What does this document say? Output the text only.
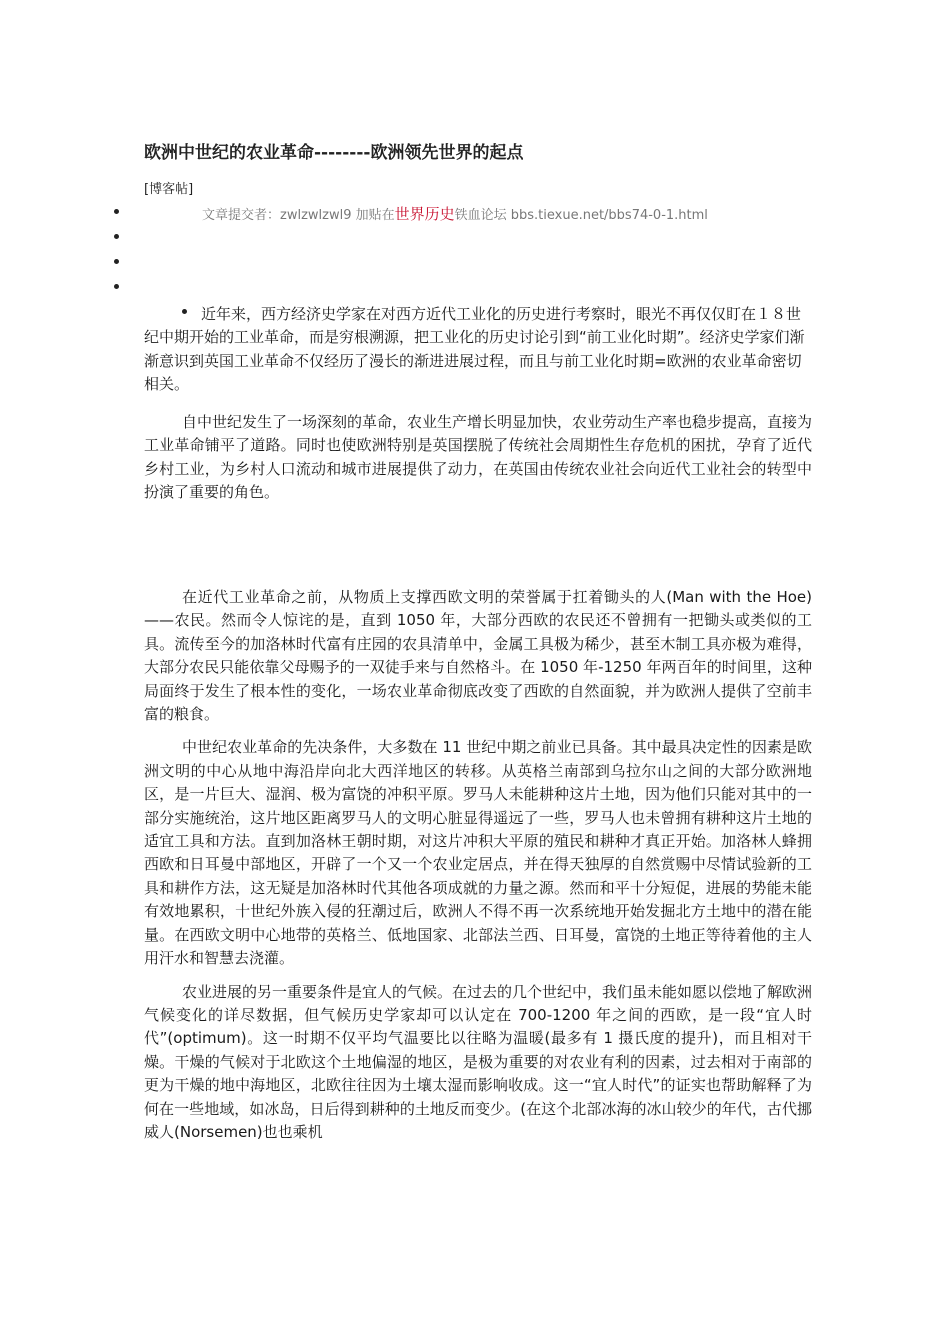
欧洲中世纪的农业革命--------欧洲领先世界的起点
[博客帖]
文章提交者：zwlzwlzwl9 加贴在世界历史铁血论坛 bbs.tiexue.net/bbs74-0-1.html

近年来，西方经济史学家在对西方近代工业化的历史进行考察时，眼光不再仅仅盯在１８世纪中期开始的工业革命，而是穷根溯源，把工业化的历史讨论引到“前工业化时期”。经济史学家们渐渐意识到英国工业革命不仅经历了漫长的渐进进展过程，而且与前工业化时期=欧洲的农业革命密切相关。

自中世纪发生了一场深刻的革命，农业生产增长明显加快，农业劳动生产率也稳步提高，直接为工业革命铺平了道路。同时也使欧洲特别是英国摆脱了传统社会周期性生存危机的困扰，孕育了近代乡村工业，为乡村人口流动和城市进展提供了动力，在英国由传统农业社会向近代工业社会的转型中扮演了重要的角色。

在近代工业革命之前，从物质上支撑西欧文明的荣誉属于扛着锄头的人(Man with the Hoe)——农民。然而令人惊诧的是，直到 1050 年，大部分西欧的农民还不曾拥有一把锄头或类似的工具。流传至今的加洛林时代富有庄园的农具清单中，金属工具极为稀少，甚至木制工具亦极为难得，大部分农民只能依靠父母赐予的一双徒手来与自然格斗。在 1050 年-1250 年两百年的时间里，这种局面终于发生了根本性的变化，一场农业革命彻底改变了西欧的自然面貌，并为欧洲人提供了空前丰富的粮食。

中世纪农业革命的先决条件，大多数在 11 世纪中期之前业已具备。其中最具决定性的因素是欧洲文明的中心从地中海沿岸向北大西洋地区的转移。从英格兰南部到乌拉尔山之间的大部分欧洲地区，是一片巨大、湿润、极为富饶的冲积平原。罗马人未能耕种这片土地，因为他们只能对其中的一部分实施统治，这片地区距离罗马人的文明心脏显得遥远了一些，罗马人也未曾拥有耕种这片土地的适宜工具和方法。直到加洛林王朝时期，对这片冲积大平原的殖民和耕种才真正开始。加洛林人蜂拥西欧和日耳曼中部地区，开辟了一个又一个农业定居点，并在得天独厚的自然赏赐中尽情试验新的工具和耕作方法，这无疑是加洛林时代其他各项成就的力量之源。然而和平十分短促，进展的势能未能有效地累积，十世纪外族入侵的狂潮过后，欧洲人不得不再一次系统地开始发掘北方土地中的潜在能量。在西欧文明中心地带的英格兰、低地国家、北部法兰西、日耳曼，富饶的土地正等待着他的主人用汗水和智慧去浇灌。

农业进展的另一重要条件是宜人的气候。在过去的几个世纪中，我们虽未能如愿以偿地了解欧洲气候变化的详尽数据，但气候历史学家却可以认定在 700-1200 年之间的西欧，是一段“宜人时代”(optimum)。这一时期不仅平均气温要比以往略为温暖(最多有 1 摄氏度的提升)，而且相对干燥。干燥的气候对于北欧这个土地偏湿的地区，是极为重要的对农业有利的因素，过去相对于南部的更为干燥的地中海地区，北欧往往因为土壤太湿而影响收成。这一“宜人时代”的证实也帮助解释了为何在一些地域，如冰岛，日后得到耕种的土地反而变少。(在这个北部冰海的冰山较少的年代，古代挪威人(Norsemen)也也乘机
